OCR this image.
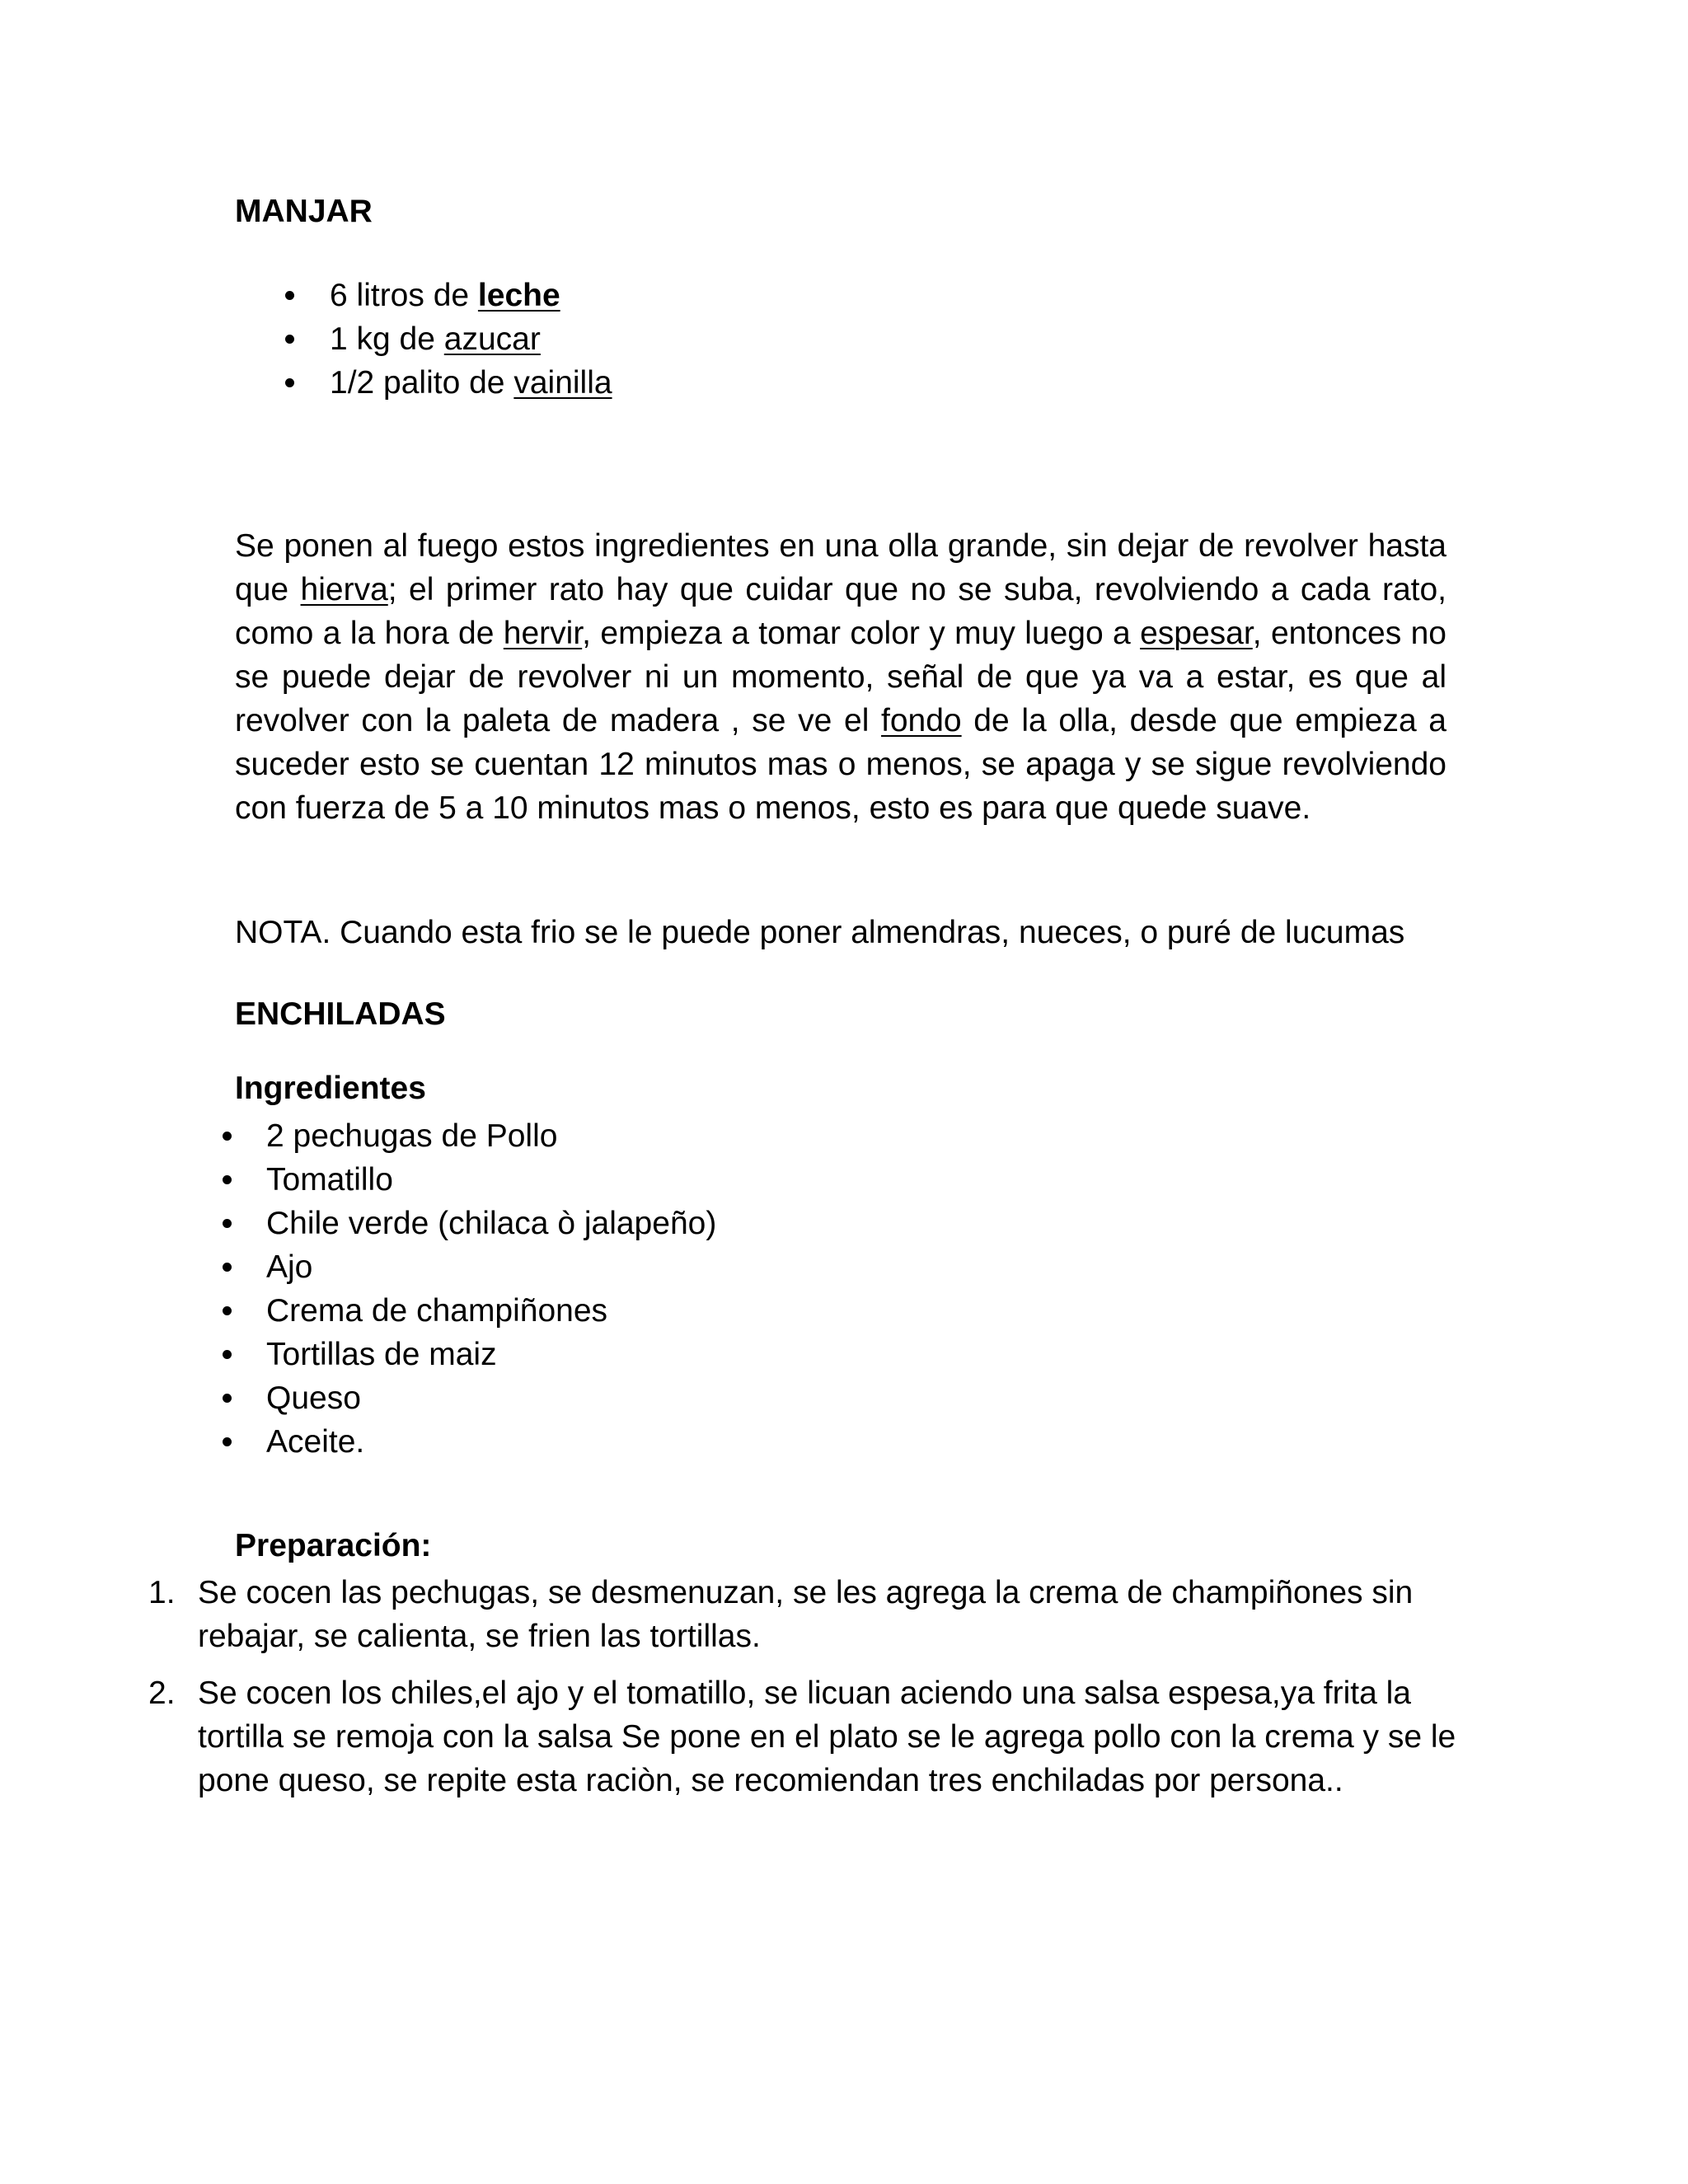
MANJAR
6 litros de leche
1 kg de azucar
1/2 palito de vainilla

Se ponen al fuego estos ingredientes en una olla grande, sin dejar de revolver hasta que hierva; el primer rato hay que cuidar que no se suba, revolviendo a cada rato, como a la hora de hervir, empieza a tomar color y muy luego a espesar, entonces no se puede dejar de revolver ni un momento, señal de que ya va a estar, es que al revolver con la paleta de madera , se ve el fondo de la olla, desde que empieza a suceder esto se cuentan 12 minutos mas o menos, se apaga y se sigue revolviendo con fuerza de 5 a 10 minutos mas o menos, esto es para que quede suave.

NOTA. Cuando esta frio se le puede poner almendras, nueces, o puré de lucumas

ENCHILADAS
Ingredientes
2 pechugas de Pollo
Tomatillo
Chile verde (chilaca ò jalapeño)
Ajo
Crema de champiñones
Tortillas de maiz
Queso
Aceite.
Preparación:
1. Se cocen las pechugas, se desmenuzan, se les agrega la crema de champiñones sin rebajar, se calienta, se frien las tortillas.
2. Se cocen los chiles,el ajo y el tomatillo, se licuan aciendo una salsa espesa,ya frita la tortilla se remoja con la salsa Se pone en el plato se le agrega pollo con la crema y se le pone queso, se repite esta raciòn, se recomiendan tres enchiladas por persona..
